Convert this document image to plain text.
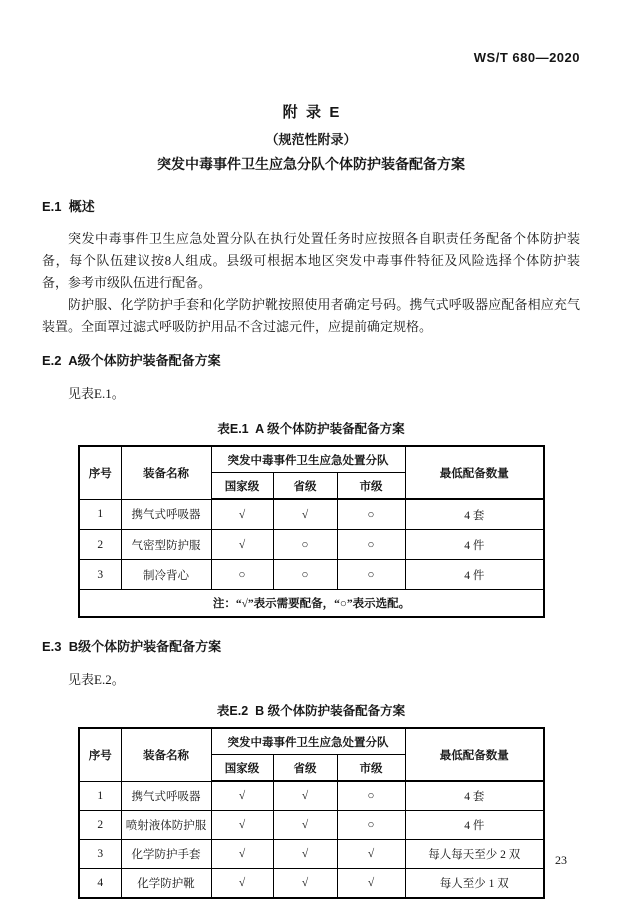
WS/T 680—2020
附  录  E
（规范性附录）
突发中毒事件卫生应急分队个体防护装备配备方案
E.1  概述

突发中毒事件卫生应急处置分队在执行处置任务时应按照各自职责任务配备个体防护装备，每个队伍建议按8人组成。县级可根据本地区突发中毒事件特征及风险选择个体防护装备，参考市级队伍进行配备。

防护服、化学防护手套和化学防护靴按照使用者确定号码。携气式呼吸器应配备相应充气装置。全面罩过滤式呼吸防护用品不含过滤元件，应提前确定规格。

E.2  A级个体防护装备配备方案

见表E.1。

表E.1  A 级个体防护装备配备方案
序号	装备名称	突发中毒事件卫生应急处置分队			最低配备数量
		国家级	省级	市级	
1	携气式呼吸器	√	√	○	4 套
2	气密型防护服	√	○	○	4 件
3	制冷背心	○	○	○	4 件
注：“√”表示需要配备，“○”表示选配。					
E.3  B级个体防护装备配备方案

见表E.2。

表E.2  B 级个体防护装备配备方案
序号	装备名称	突发中毒事件卫生应急处置分队			最低配备数量
		国家级	省级	市级	
1	携气式呼吸器	√	√	○	4 套
2	喷射液体防护服	√	√	○	4 件
3	化学防护手套	√	√	√	每人每天至少 2 双
4	化学防护靴	√	√	√	每人至少 1 双
23
